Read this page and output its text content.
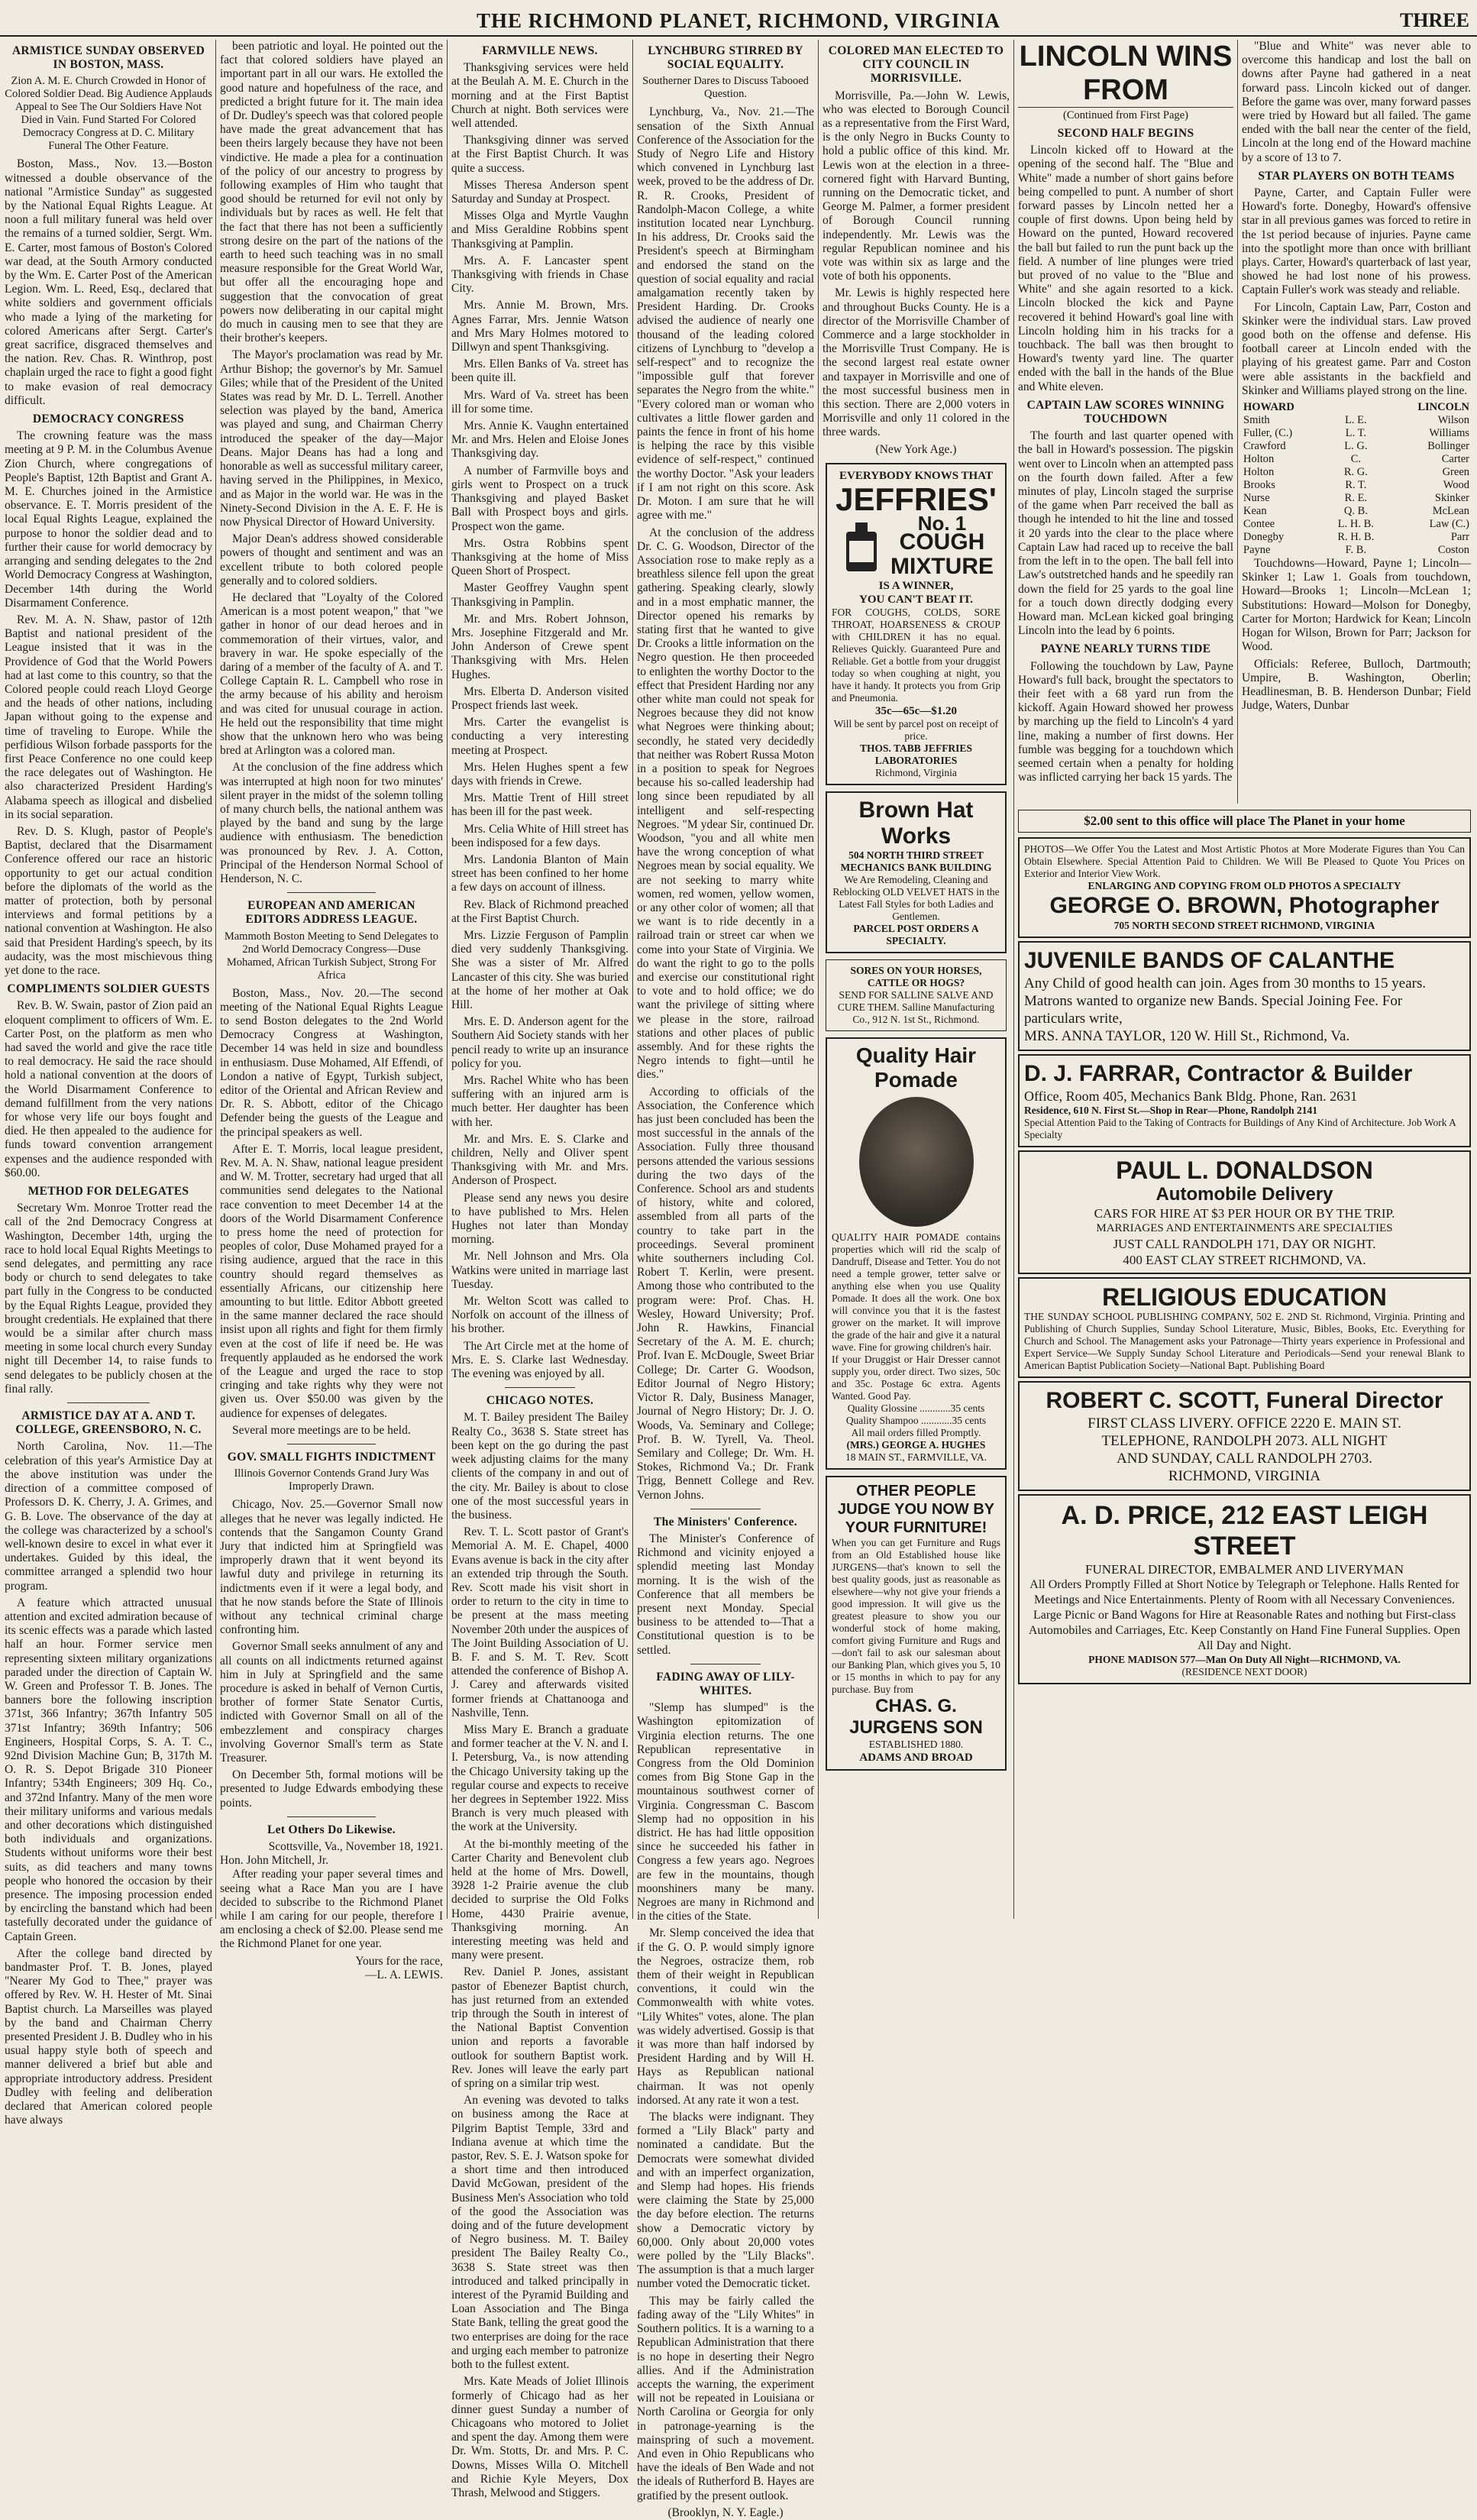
THE RICHMOND PLANET, RICHMOND, VIRGINIA	THREE
ARMISTICE SUNDAY OBSERVED IN BOSTON, MASS.
Zion A. M. E. Church Crowded in Honor of Colored Soldier Dead. Big Audience Applauds Appeal to See The Our Soldiers Have Not Died in Vain. Fund Started For Colored Democracy Congress at D. C. Military Funeral The Other Feature.

Boston, Mass., Nov. 13.—Boston witnessed a double observance of the national "Armistice Sunday" as suggested by the National Equal Rights League. At noon a full military funeral was held over the remains of a turned soldier, Sergt. Wm. E. Carter, most famous of Boston's Colored war dead, at the South Armory conducted by the Wm. E. Carter Post of the American Legion. Wm. L. Reed, Esq., declared that white soldiers and government officials who made a lying of the marketing for colored Americans after Sergt. Carter's great sacrifice, disgraced themselves and the nation. Rev. Chas. R. Winthrop, post chaplain urged the race to fight a good fight to make evasion of real democracy difficult.

DEMOCRACY CONGRESS

The crowning feature was the mass meeting at 9 P. M. in the Columbus Avenue Zion Church, where congregations of People's Baptist, 12th Baptist and Grant A. M. E. Churches joined in the Armistice observance. E. T. Morris president of the local Equal Rights League, explained the purpose to honor the soldier dead and to further their cause for world democracy by arranging and sending delegates to the 2nd World Democracy Congress at Washington, December 14th during the World Disarmament Conference.

Rev. M. A. N. Shaw, pastor of 12th Baptist and national president of the League insisted that it was in the Providence of God that the World Powers had at last come to this country, so that the Colored people could reach Lloyd George and the heads of other nations, including Japan without going to the expense and time of traveling to Europe. While the perfidious Wilson forbade passports for the first Peace Conference no one could keep the race delegates out of Washington. He also characterized President Harding's Alabama speech as illogical and disbelied in its social separation.

Rev. D. S. Klugh, pastor of People's Baptist, declared that the Disarmament Conference offered our race an historic opportunity to get our actual condition before the diplomats of the world as the matter of protection, both by personal interviews and formal petitions by a national convention at Washington. He also said that President Harding's speech, by its audacity, was the most mischievous thing yet done to the race.

COMPLIMENTS SOLDIER GUESTS

Rev. B. W. Swain, pastor of Zion paid an eloquent compliment to officers of Wm. E. Carter Post, on the platform as men who had saved the world and give the race title to real democracy. He said the race should hold a national convention at the doors of the World Disarmament Conference to demand fulfillment from the very nations for whose very life our boys fought and died. He then appealed to the audience for funds toward convention arrangement expenses and the audience responded with $60.00.

METHOD FOR DELEGATES

Secretary Wm. Monroe Trotter read the call of the 2nd Democracy Congress at Washington, December 14th, urging the race to hold local Equal Rights Meetings to send delegates, and permitting any race body or church to send delegates to take part fully in the Congress to be conducted by the Equal Rights League, provided they brought credentials. He explained that there would be a similar after church mass meeting in some local church every Sunday night till December 14, to raise funds to send delegates to be publicly chosen at the final rally.

ARMISTICE DAY AT A. AND T. COLLEGE, GREENSBORO, N. C.

North Carolina, Nov. 11.—The celebration of this year's Armistice Day at the above institution was under the direction of a committee composed of Professors D. K. Cherry, J. A. Grimes, and G. B. Love. The observance of the day at the college was characterized by a school's well-known desire to excel in what ever it undertakes. Guided by this ideal, the committee arranged a splendid two hour program.

A feature which attracted unusual attention and excited admiration because of its scenic effects was a parade which lasted half an hour. Former service men representing sixteen military organizations paraded under the direction of Captain W. W. Green and Professor T. B. Jones. The banners bore the following inscription 371st, 366 Infantry; 367th Infantry 505 371st Infantry; 369th Infantry; 506 Engineers, Hospital Corps, S. A. T. C., 92nd Division Machine Gun; B, 317th M. O. R. S. Depot Brigade 310 Pioneer Infantry; 534th Engineers; 309 Hq. Co., and 372nd Infantry. Many of the men wore their military uniforms and various medals and other decorations which distinguished both individuals and organizations. Students without uniforms wore their best suits, as did teachers and many towns people who honored the occasion by their presence. The imposing procession ended by encircling the banstand which had been tastefully decorated under the guidance of Captain Green.

After the college band directed by bandmaster Prof. T. B. Jones, played "Nearer My God to Thee," prayer was offered by Rev. W. H. Hester of Mt. Sinai Baptist church. La Marseilles was played by the band and Chairman Cherry presented President J. B. Dudley who in his usual happy style both of speech and manner delivered a brief but able and appropriate introductory address. President Dudley with feeling and deliberation declared that American colored people have always

been patriotic and loyal. He pointed out the fact that colored soldiers have played an important part in all our wars. He extolled the good nature and hopefulness of the race, and predicted a bright future for it. The main idea of Dr. Dudley's speech was that colored people have made the great advancement that has been theirs largely because they have not been vindictive. He made a plea for a continuation of the policy of our ancestry to progress by following examples of Him who taught that good should be returned for evil not only by individuals but by races as well. He felt that the fact that there has not been a sufficiently strong desire on the part of the nations of the earth to heed such teaching was in no small measure responsible for the Great World War, but offer all the encouraging hope and suggestion that the convocation of great powers now deliberating in our capital might do much in causing men to see that they are their brother's keepers.

The Mayor's proclamation was read by Mr. Arthur Bishop; the governor's by Mr. Samuel Giles; while that of the President of the United States was read by Mr. D. L. Terrell. Another selection was played by the band, America was played and sung, and Chairman Cherry introduced the speaker of the day—Major Deans. Major Deans has had a long and honorable as well as successful military career, having served in the Philippines, in Mexico, and as Major in the world war. He was in the Ninety-Second Division in the A. E. F. He is now Physical Director of Howard University.

Major Dean's address showed considerable powers of thought and sentiment and was an excellent tribute to both colored people generally and to colored soldiers.

He declared that "Loyalty of the Colored American is a most potent weapon," that "we gather in honor of our dead heroes and in commemoration of their virtues, valor, and bravery in war. He spoke especially of the daring of a member of the faculty of A. and T. College Captain R. L. Campbell who rose in the army because of his ability and heroism and was cited for unusual courage in action. He held out the responsibility that time might show that the unknown hero who was being bred at Arlington was a colored man.

At the conclusion of the fine address which was interrupted at high noon for two minutes' silent prayer in the midst of the solemn tolling of many church bells, the national anthem was played by the band and sung by the large audience with enthusiasm. The benediction was pronounced by Rev. J. A. Cotton, Principal of the Henderson Normal School of Henderson, N. C.

EUROPEAN AND AMERICAN EDITORS ADDRESS LEAGUE.
Mammoth Boston Meeting to Send Delegates to 2nd World Democracy Congress—Duse Mohamed, African Turkish Subject, Strong For Africa

Boston, Mass., Nov. 20.—The second meeting of the National Equal Rights League to send Boston delegates to the 2nd World Democracy Congress at Washington, December 14 was held in size and boundless in enthusiasm. Duse Mohamed, Alf Effendi, of London a native of Egypt, Turkish subject, editor of the Oriental and African Review and Dr. R. S. Abbott, editor of the Chicago Defender being the guests of the League and the principal speakers as well.

After E. T. Morris, local league president, Rev. M. A. N. Shaw, national league president and W. M. Trotter, secretary had urged that all communities send delegates to the National race convention to meet December 14 at the doors of the World Disarmament Conference to press home the need of protection for peoples of color, Duse Mohamed prayed for a rising audience, argued that the race in this country should regard themselves as essentially Africans, our citizenship here amounting to but little. Editor Abbott greeted in the same manner declared the race should insist upon all rights and fight for them firmly even at the cost of life if need be. He was frequently applauded as he endorsed the work of the League and urged the race to stop cringing and take rights why they were not given us. Over $50.00 was given by the audience for expenses of delegates.

Several more meetings are to be held.

GOV. SMALL FIGHTS INDICTMENT
Illinois Governor Contends Grand Jury Was Improperly Drawn.

Chicago, Nov. 25.—Governor Small now alleges that he never was legally indicted. He contends that the Sangamon County Grand Jury that indicted him at Springfield was improperly drawn that it went beyond its lawful duty and privilege in returning its indictments even if it were a legal body, and that he now stands before the State of Illinois without any technical criminal charge confronting him.

Governor Small seeks annulment of any and all counts on all indictments returned against him in July at Springfield and the same procedure is asked in behalf of Vernon Curtis, brother of former State Senator Curtis, indicted with Governor Small on all of the embezzlement and conspiracy charges involving Governor Small's term as State Treasurer.

On December 5th, formal motions will be presented to Judge Edwards embodying these points.

Let Others Do Likewise.
Scottsville, Va., November 18, 1921.
Hon. John Mitchell, Jr.

After reading your paper several times and seeing what a Race Man you are I have decided to subscribe to the Richmond Planet while I am caring for our people, therefore I am enclosing a check of $2.00. Please send me the Richmond Planet for one year.

Yours for the race,
—L. A. LEWIS.
FARMVILLE NEWS.

Thanksgiving services were held at the Beulah A. M. E. Church in the morning and at the First Baptist Church at night. Both services were well attended.

Thanksgiving dinner was served at the First Baptist Church. It was quite a success.

Misses Theresa Anderson spent Saturday and Sunday at Prospect.

Misses Olga and Myrtle Vaughn and Miss Geraldine Robbins spent Thanksgiving at Pamplin.

Mrs. A. F. Lancaster spent Thanksgiving with friends in Chase City.

Mrs. Annie M. Brown, Mrs. Agnes Farrar, Mrs. Jennie Watson and Mrs Mary Holmes motored to Dillwyn and spent Thanksgiving.

Mrs. Ellen Banks of Va. street has been quite ill.

Mrs. Ward of Va. street has been ill for some time.

Mrs. Annie K. Vaughn entertained Mr. and Mrs. Helen and Eloise Jones Thanksgiving day.

A number of Farmville boys and girls went to Prospect on a truck Thanksgiving and played Basket Ball with Prospect boys and girls. Prospect won the game.

Mrs. Ostra Robbins spent Thanksgiving at the home of Miss Queen Short of Prospect.

Master Geoffrey Vaughn spent Thanksgiving in Pamplin.

Mr. and Mrs. Robert Johnson, Mrs. Josephine Fitzgerald and Mr. John Anderson of Crewe spent Thanksgiving with Mrs. Helen Hughes.

Mrs. Elberta D. Anderson visited Prospect friends last week.

Mrs. Carter the evangelist is conducting a very interesting meeting at Prospect.

Mrs. Helen Hughes spent a few days with friends in Crewe.

Mrs. Mattie Trent of Hill street has been ill for the past week.

Mrs. Celia White of Hill street has been indisposed for a few days.

Mrs. Landonia Blanton of Main street has been confined to her home a few days on account of illness.

Rev. Black of Richmond preached at the First Baptist Church.

Mrs. Lizzie Ferguson of Pamplin died very suddenly Thanksgiving. She was a sister of Mr. Alfred Lancaster of this city. She was buried at the home of her mother at Oak Hill.

Mrs. E. D. Anderson agent for the Southern Aid Society stands with her pencil ready to write up an insurance policy for you.

Mrs. Rachel White who has been suffering with an injured arm is much better. Her daughter has been with her.

Mr. and Mrs. E. S. Clarke and children, Nelly and Oliver spent Thanksgiving with Mr. and Mrs. Anderson of Prospect.

Please send any news you desire to have published to Mrs. Helen Hughes not later than Monday morning.

Mr. Nell Johnson and Mrs. Ola Watkins were united in marriage last Tuesday.

Mr. Welton Scott was called to Norfolk on account of the illness of his brother.

The Art Circle met at the home of Mrs. E. S. Clarke last Wednesday. The evening was enjoyed by all.

CHICAGO NOTES.

M. T. Bailey president The Bailey Realty Co., 3638 S. State street has been kept on the go during the past week adjusting claims for the many clients of the company in and out of the city. Mr. Bailey is about to close one of the most successful years in the business.

Rev. T. L. Scott pastor of Grant's Memorial A. M. E. Chapel, 4000 Evans avenue is back in the city after an extended trip through the South. Rev. Scott made his visit short in order to return to the city in time to be present at the mass meeting November 20th under the auspices of The Joint Building Association of U. B. F. and S. M. T. Rev. Scott attended the conference of Bishop A. J. Carey and afterwards visited former friends at Chattanooga and Nashville, Tenn.

Miss Mary E. Branch a graduate and former teacher at the V. N. and I. I. Petersburg, Va., is now attending the Chicago University taking up the regular course and expects to receive her degrees in September 1922. Miss Branch is very much pleased with the work at the University.

At the bi-monthly meeting of the Carter Charity and Benevolent club held at the home of Mrs. Dowell, 3928 1-2 Prairie avenue the club decided to surprise the Old Folks Home, 4430 Prairie avenue, Thanksgiving morning. An interesting meeting was held and many were present.

Rev. Daniel P. Jones, assistant pastor of Ebenezer Baptist church, has just returned from an extended trip through the South in interest of the National Baptist Convention union and reports a favorable outlook for southern Baptist work. Rev. Jones will leave the early part of spring on a similar trip west.

An evening was devoted to talks on business among the Race at Pilgrim Baptist Temple, 33rd and Indiana avenue at which time the pastor, Rev. S. E. J. Watson spoke for a short time and then introduced David McGowan, president of the Business Men's Association who told of the good the Association was doing and of the future development of Negro business. M. T. Bailey president The Bailey Realty Co., 3638 S. State street was then introduced and talked principally in interest of the Pyramid Building and Loan Association and The Binga State Bank, telling the great good the two enterprises are doing for the race and urging each member to patronize both to the fullest extent.

Mrs. Kate Meads of Joliet Illinois formerly of Chicago had as her dinner guest Sunday a number of Chicagoans who motored to Joliet and spent the day. Among them were Dr. Wm. Stotts, Dr. and Mrs. P. C. Downs, Misses Willa O. Mitchell and Richie Kyle Meyers, Dox Thrash, Melwood and Stiggers.

LYNCHBURG STIRRED BY SOCIAL EQUALITY.
Southerner Dares to Discuss Tabooed Question.

Lynchburg, Va., Nov. 21.—The sensation of the Sixth Annual Conference of the Association for the Study of Negro Life and History which convened in Lynchburg last week, proved to be the address of Dr. R. R. Crooks, President of Randolph-Macon College, a white institution located near Lynchburg. In his address, Dr. Crooks said the President's speech at Birmingham and endorsed the stand on the question of social equality and racial amalgamation recently taken by President Harding. Dr. Crooks advised the audience of nearly one thousand of the leading colored citizens of Lynchburg to "develop a self-respect" and to recognize the "impossible gulf that forever separates the Negro from the white." "Every colored man or woman who cultivates a little flower garden and paints the fence in front of his home is helping the race by this visible evidence of self-respect," continued the worthy Doctor. "Ask your leaders if I am not right on this score. Ask Dr. Moton. I am sure that he will agree with me."

At the conclusion of the address Dr. C. G. Woodson, Director of the Association rose to make reply as a breathless silence fell upon the great gathering. Speaking clearly, slowly and in a most emphatic manner, the Director opened his remarks by stating first that he wanted to give Dr. Crooks a little information on the Negro question. He then proceeded to enlighten the worthy Doctor to the effect that President Harding nor any other white man could not speak for Negroes because they did not know what Negroes were thinking about; secondly, he stated very decidedly that neither was Robert Russa Moton in a position to speak for Negroes because his so-called leadership had long since been repudiated by all intelligent and self-respecting Negroes. "M ydear Sir, continued Dr. Woodson, "you and all white men have the wrong conception of what Negroes mean by social equality. We are not seeking to marry white women, red women, yellow women, or any other color of women; all that we want is to ride decently in a railroad train or street car when we come into your State of Virginia. We do want the right to go to the polls and exercise our constitutional right to vote and to hold office; we do want the privilege of sitting where we please in the store, railroad stations and other places of public assembly. And for these rights the Negro intends to fight—until he dies."

According to officials of the Association, the Conference which has just been concluded has been the most successful in the annals of the Association. Fully three thousand persons attended the various sessions during the two days of the Conference. School ars and students of history, white and colored, assembled from all parts of the country to take part in the proceedings. Several prominent white southerners including Col. Robert T. Kerlin, were present. Among those who contributed to the program were: Prof. Chas. H. Wesley, Howard University; Prof. John R. Hawkins, Financial Secretary of the A. M. E. church; Prof. Ivan E. McDougle, Sweet Briar College; Dr. Carter G. Woodson, Editor Journal of Negro History; Victor R. Daly, Business Manager, Journal of Negro History; Dr. J. O. Woods, Va. Seminary and College; Prof. B. W. Tyrell, Va. Theol. Semilary and College; Dr. Wm. H. Stokes, Richmond Va.; Dr. Frank Trigg, Bennett College and Rev. Vernon Johns.

The Ministers' Conference.

The Minister's Conference of Richmond and vicinity enjoyed a splendid meeting last Monday morning. It is the wish of the Conference that all members be present next Monday. Special business to be attended to—That a Constitutional question is to be settled.

FADING AWAY OF LILY-WHITES.

"Slemp has slumped" is the Washington epitomization of Virginia election returns. The one Republican representative in Congress from the Old Dominion comes from Big Stone Gap in the mountainous southwest corner of Virginia. Congressman C. Bascom Slemp had no opposition in his district. He has had little opposition since he succeeded his father in Congress a few years ago. Negroes are few in the mountains, though moonshiners many be many. Negroes are many in Richmond and in the cities of the State.

Mr. Slemp conceived the idea that if the G. O. P. would simply ignore the Negroes, ostracize them, rob them of their weight in Republican conventions, it could win the Commonwealth with white votes. "Lily Whites" votes, alone. The plan was widely advertised. Gossip is that it was more than half indorsed by President Harding and by Will H. Hays as Republican national chairman. It was not openly indorsed. At any rate it won a test.

The blacks were indignant. They formed a "Lily Black" party and nominated a candidate. But the Democrats were somewhat divided and with an imperfect organization, and Slemp had hopes. His friends were claiming the State by 25,000 the day before election. The returns show a Democratic victory by 60,000. Only about 20,000 votes were polled by the "Lily Blacks". The assumption is that a much larger number voted the Democratic ticket.

This may be fairly called the fading away of the "Lily Whites" in Southern politics. It is a warning to a Republican Administration that there is no hope in deserting their Negro allies. And if the Administration accepts the warning, the experiment will not be repeated in Louisiana or North Carolina or Georgia for only in patronage-yearning is the mainspring of such a movement. And even in Ohio Republicans who have the ideals of Ben Wade and not the ideals of Rutherford B. Hayes are gratified by the present outlook.

(Brooklyn, N. Y. Eagle.)
COLORED MAN ELECTED TO CITY COUNCIL IN MORRISVILLE.

Morrisville, Pa.—John W. Lewis, who was elected to Borough Council as a representative from the First Ward, is the only Negro in Bucks County to hold a public office of this kind. Mr. Lewis won at the election in a three-cornered fight with Harvard Bunting, running on the Democratic ticket, and George M. Palmer, a former president of Borough Council running independently. Mr. Lewis was the regular Republican nominee and his vote was within six as large and the vote of both his opponents.

Mr. Lewis is highly respected here and throughout Bucks County. He is a director of the Morrisville Chamber of Commerce and a large stockholder in the Morrisville Trust Company. He is the second largest real estate owner and taxpayer in Morrisville and one of the most successful business men in this section. There are 2,000 voters in Morrisville and only 11 colored in the three wards.

(New York Age.)
EVERYBODY KNOWS THAT
JEFFRIES'
No. 1
COUGH
MIXTURE
IS A WINNER,
YOU CAN'T BEAT IT.
FOR COUGHS, COLDS, SORE THROAT, HOARSENESS & CROUP with CHILDREN it has no equal. Relieves Quickly. Guaranteed Pure and Reliable. Get a bottle from your druggist today so when coughing at night, you have it handy. It protects you from Grip and Pneumonia.
35c—65c—$1.20
Will be sent by parcel post on receipt of price.
THOS. TABB JEFFRIES LABORATORIES
Richmond, Virginia
Brown Hat Works
504 NORTH THIRD STREET
MECHANICS BANK BUILDING
We Are Remodeling, Cleaning and Reblocking OLD VELVET HATS in the Latest Fall Styles for both Ladies and Gentlemen.
PARCEL POST ORDERS A SPECIALTY.
SORES ON YOUR HORSES, CATTLE OR HOGS?
SEND FOR SALLINE SALVE AND CURE THEM. Salline Manufacturing Co., 912 N. 1st St., Richmond.
Quality Hair Pomade
QUALITY HAIR POMADE contains properties which will rid the scalp of Dandruff, Disease and Tetter. You do not need a temple grower, tetter salve or anything else when you use Quality Pomade. It does all the work. One box will convince you that it is the fastest grower on the market. It will improve the grade of the hair and give it a natural wave. Fine for growing children's hair.
If your Druggist or Hair Dresser cannot supply you, order direct. Two sizes, 50c and 35c. Postage 6c extra. Agents Wanted. Good Pay.
Quality Glossine ............35 cents
Quality Shampoo ............35 cents
All mail orders filled Promptly.
(MRS.) GEORGE A. HUGHES
18 MAIN ST., FARMVILLE, VA.
OTHER PEOPLE JUDGE YOU NOW BY YOUR FURNITURE!
When you can get Furniture and Rugs from an Old Established house like JURGENS—that's known to sell the best quality goods, just as reasonable as elsewhere—why not give your friends a good impression. It will give us the greatest pleasure to show you our wonderful stock of home making, comfort giving Furniture and Rugs and—don't fail to ask our salesman about our Banking Plan, which gives you 5, 10 or 15 months in which to pay for any purchase. Buy from
CHAS. G. JURGENS SON
ESTABLISHED 1880.
ADAMS AND BROAD
LINCOLN WINS FROM
(Continued from First Page)
SECOND HALF BEGINS

Lincoln kicked off to Howard at the opening of the second half. The "Blue and White" made a number of short gains before being compelled to punt. A number of short forward passes by Lincoln netted her a couple of first downs. Upon being held by Howard on the punted, Howard recovered the ball but failed to run the punt back up the field. A number of line plunges were tried but proved of no value to the "Blue and White" and she again resorted to a kick. Lincoln blocked the kick and Payne recovered it behind Howard's goal line with Lincoln holding him in his tracks for a touchback. The ball was then brought to Howard's twenty yard line. The quarter ended with the ball in the hands of the Blue and White eleven.

CAPTAIN LAW SCORES WINNING TOUCHDOWN

The fourth and last quarter opened with the ball in Howard's possession. The pigskin went over to Lincoln when an attempted pass on the fourth down failed. After a few minutes of play, Lincoln staged the surprise of the game when Parr received the ball as though he intended to hit the line and tossed it 20 yards into the clear to the place where Captain Law had raced up to receive the ball from the left in to the open. The ball fell into Law's outstretched hands and he speedily ran down the field for 25 yards to the goal line for a touch down directly dodging every Howard man. McLean kicked goal bringing Lincoln into the lead by 6 points.

PAYNE NEARLY TURNS TIDE

Following the touchdown by Law, Payne Howard's full back, brought the spectators to their feet with a 68 yard run from the kickoff. Again Howard showed her prowess by marching up the field to Lincoln's 4 yard line, making a number of first downs. Her fumble was begging for a touchdown which seemed certain when a penalty for holding was inflicted carrying her back 15 yards. The

"Blue and White" was never able to overcome this handicap and lost the ball on downs after Payne had gathered in a neat forward pass. Lincoln kicked out of danger. Before the game was over, many forward passes were tried by Howard but all failed. The game ended with the ball near the center of the field, Lincoln at the long end of the Howard machine by a score of 13 to 7.

STAR PLAYERS ON BOTH TEAMS

Payne, Carter, and Captain Fuller were Howard's forte. Donegby, Howard's offensive star in all previous games was forced to retire in the 1st period because of injuries. Payne came into the spotlight more than once with brilliant plays. Carter, Howard's quarterback of last year, showed he had lost none of his prowess. Captain Fuller's work was steady and reliable.

For Lincoln, Captain Law, Parr, Coston and Skinker were the individual stars. Law proved good both on the offense and defense. His football career at Lincoln ended with the playing of his greatest game. Parr and Coston were able assistants in the backfield and Skinker and Williams played strong on the line.

HOWARD		LINCOLN
Smith	L. E.	Wilson
Fuller, (C.)	L. T.	Williams
Crawford	L. G.	Bollinger
Holton	C.	Carter
Holton	R. G.	Green
Brooks	R. T.	Wood
Nurse	R. E.	Skinker
Kean	Q. B.	McLean
Contee	L. H. B.	Law (C.)
Donegby	R. H. B.	Parr
Payne	F. B.	Coston

Touchdowns—Howard, Payne 1; Lincoln—Skinker 1; Law 1. Goals from touchdown, Howard—Brooks 1; Lincoln—McLean 1; Substitutions: Howard—Molson for Donegby, Carter for Morton; Hardwick for Kean; Lincoln Hogan for Wilson, Brown for Parr; Jackson for Wood.

Officials: Referee, Bulloch, Dartmouth; Umpire, B. Washington, Oberlin; Headlinesman, B. B. Henderson Dunbar; Field Judge, Waters, Dunbar

$2.00 sent to this office will place The Planet in your home
PHOTOS—We Offer You the Latest and Most Artistic Photos at More Moderate Figures than You Can Obtain Elsewhere. Special Attention Paid to Children. We Will Be Pleased to Quote You Prices on Exterior and Interior View Work.
ENLARGING AND COPYING FROM OLD PHOTOS A SPECIALTY
GEORGE O. BROWN, Photographer
705 NORTH SECOND STREET RICHMOND, VIRGINIA
JUVENILE BANDS OF CALANTHE
Any Child of good health can join. Ages from 30 months to 15 years. Matrons wanted to organize new Bands. Special Joining Fee. For particulars write,
MRS. ANNA TAYLOR, 120 W. Hill St., Richmond, Va.
D. J. FARRAR, Contractor & Builder
Office, Room 405, Mechanics Bank Bldg. Phone, Ran. 2631
Residence, 610 N. First St.—Shop in Rear—Phone, Randolph 2141
Special Attention Paid to the Taking of Contracts for Buildings of Any Kind of Architecture. Job Work A Specialty
PAUL L. DONALDSON
Automobile Delivery
CARS FOR HIRE AT $3 PER HOUR OR BY THE TRIP.
MARRIAGES AND ENTERTAINMENTS ARE SPECIALTIES
JUST CALL RANDOLPH 171, DAY OR NIGHT.
400 EAST CLAY STREET RICHMOND, VA.
RELIGIOUS EDUCATION
THE SUNDAY SCHOOL PUBLISHING COMPANY, 502 E. 2ND St. Richmond, Virginia. Printing and Publishing of Church Supplies, Sunday School Literature, Music, Bibles, Books, Etc. Everything for Church and School. The Management asks your Patronage—Thirty years experience in Professional and Expert Service—We Supply Sunday School Literature and Periodicals—Send your renewal Blank to American Baptist Publication Society—National Bapt. Publishing Board
ROBERT C. SCOTT, Funeral Director
FIRST CLASS LIVERY. OFFICE 2220 E. MAIN ST.
TELEPHONE, RANDOLPH 2073. ALL NIGHT
AND SUNDAY, CALL RANDOLPH 2703.
RICHMOND, VIRGINIA
A. D. PRICE, 212 EAST LEIGH STREET
FUNERAL DIRECTOR, EMBALMER AND LIVERYMAN
All Orders Promptly Filled at Short Notice by Telegraph or Telephone. Halls Rented for Meetings and Nice Entertainments. Plenty of Room with all Necessary Conveniences. Large Picnic or Band Wagons for Hire at Reasonable Rates and nothing but First-class Automobiles and Carriages, Etc. Keep Constantly on Hand Fine Funeral Supplies. Open All Day and Night.
PHONE MADISON 577—Man On Duty All Night—RICHMOND, VA.
(RESIDENCE NEXT DOOR)
